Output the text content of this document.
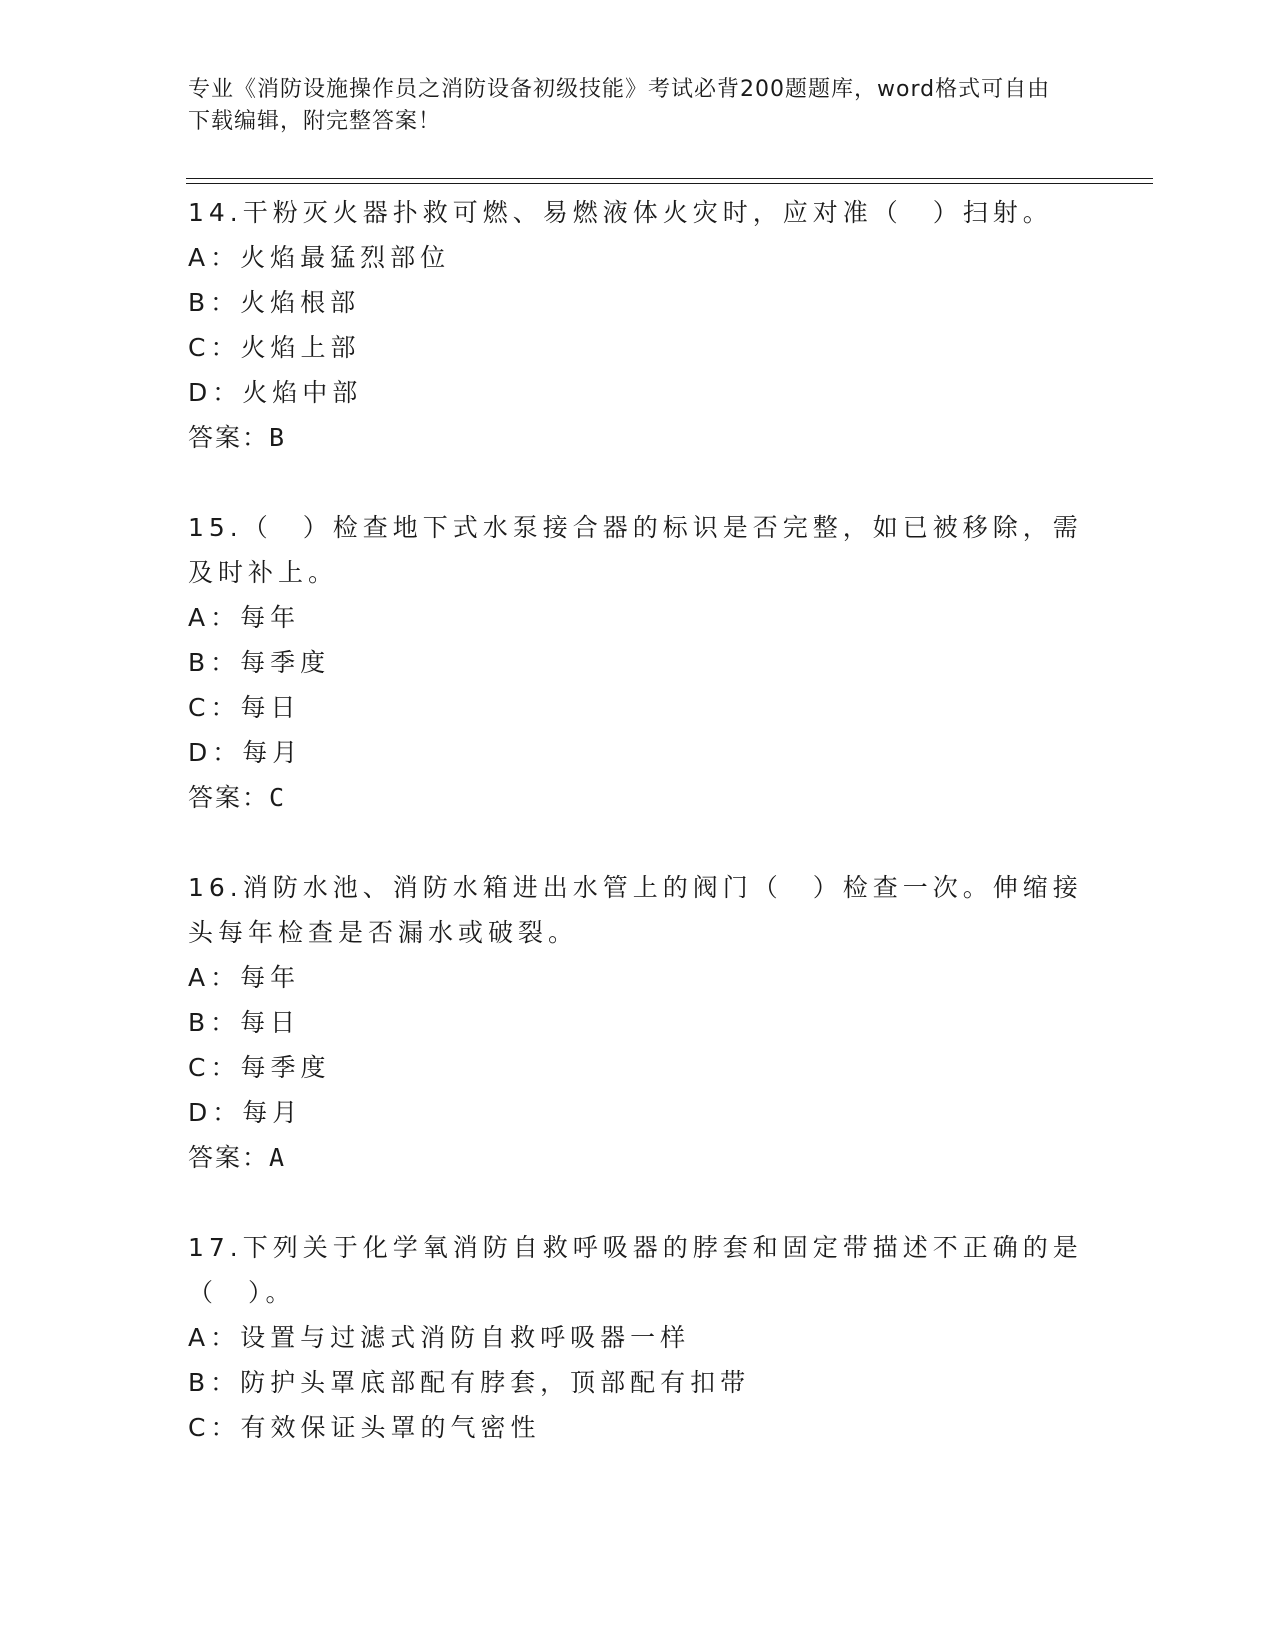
专业《消防设施操作员之消防设备初级技能》考试必背200题题库，word格式可自由下载编辑，附完整答案！

14.干粉灭火器扑救可燃、易燃液体火灾时，应对准（　）扫射。

A：火焰最猛烈部位

B：火焰根部

C：火焰上部

D：火焰中部

答案：B

15.（　）检查地下式水泵接合器的标识是否完整，如已被移除，需及时补上。

A：每年

B：每季度

C：每日

D：每月

答案：C

16.消防水池、消防水箱进出水管上的阀门（　）检查一次。伸缩接头每年检查是否漏水或破裂。

A：每年

B：每日

C：每季度

D：每月

答案：A

17.下列关于化学氧消防自救呼吸器的脖套和固定带描述不正确的是（　）。

A：设置与过滤式消防自救呼吸器一样

B：防护头罩底部配有脖套，顶部配有扣带

C：有效保证头罩的气密性
